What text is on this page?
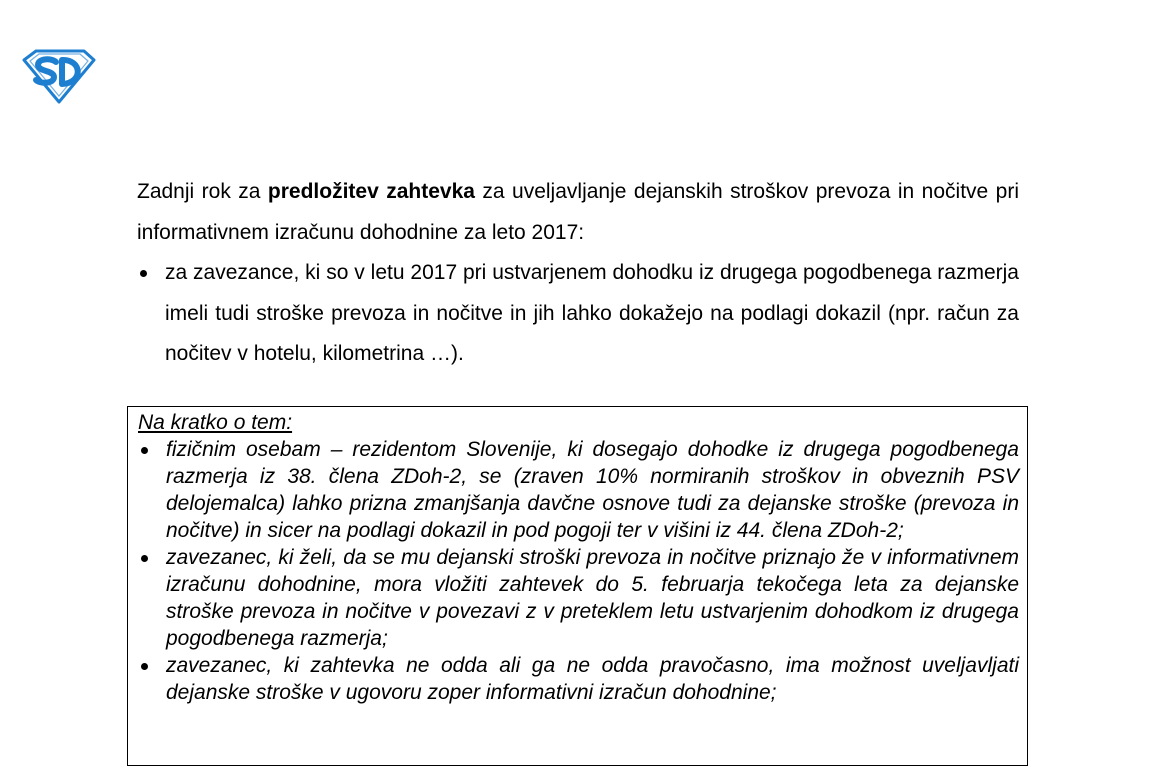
Zadnji rok za predložitev zahtevka za uveljavljanje dejanskih stroškov prevoza in nočitve pri informativnem izračunu dohodnine za leto 2017:

za zavezance, ki so v letu 2017 pri ustvarjenem dohodku iz drugega pogodbenega razmerja imeli tudi stroške prevoza in nočitve in jih lahko dokažejo na podlagi dokazil (npr. račun za nočitev v hotelu, kilometrina …).

Na kratko o tem:

fizičnim osebam – rezidentom Slovenije, ki dosegajo dohodke iz drugega pogodbenega razmerja iz 38. člena ZDoh-2, se (zraven 10% normiranih stroškov in obveznih PSV delojemalca) lahko prizna zmanjšanja davčne osnove tudi za dejanske stroške (prevoza in nočitve) in sicer na podlagi dokazil in pod pogoji ter v višini iz 44. člena ZDoh-2;
zavezanec, ki želi, da se mu dejanski stroški prevoza in nočitve priznajo že v informativnem izračunu dohodnine, mora vložiti zahtevek do 5. februarja tekočega leta za dejanske stroške prevoza in nočitve v povezavi z v preteklem letu ustvarjenim dohodkom iz drugega pogodbenega razmerja;
zavezanec, ki zahtevka ne odda ali ga ne odda pravočasno, ima možnost uveljavljati dejanske stroške v ugovoru zoper informativni izračun dohodnine;
